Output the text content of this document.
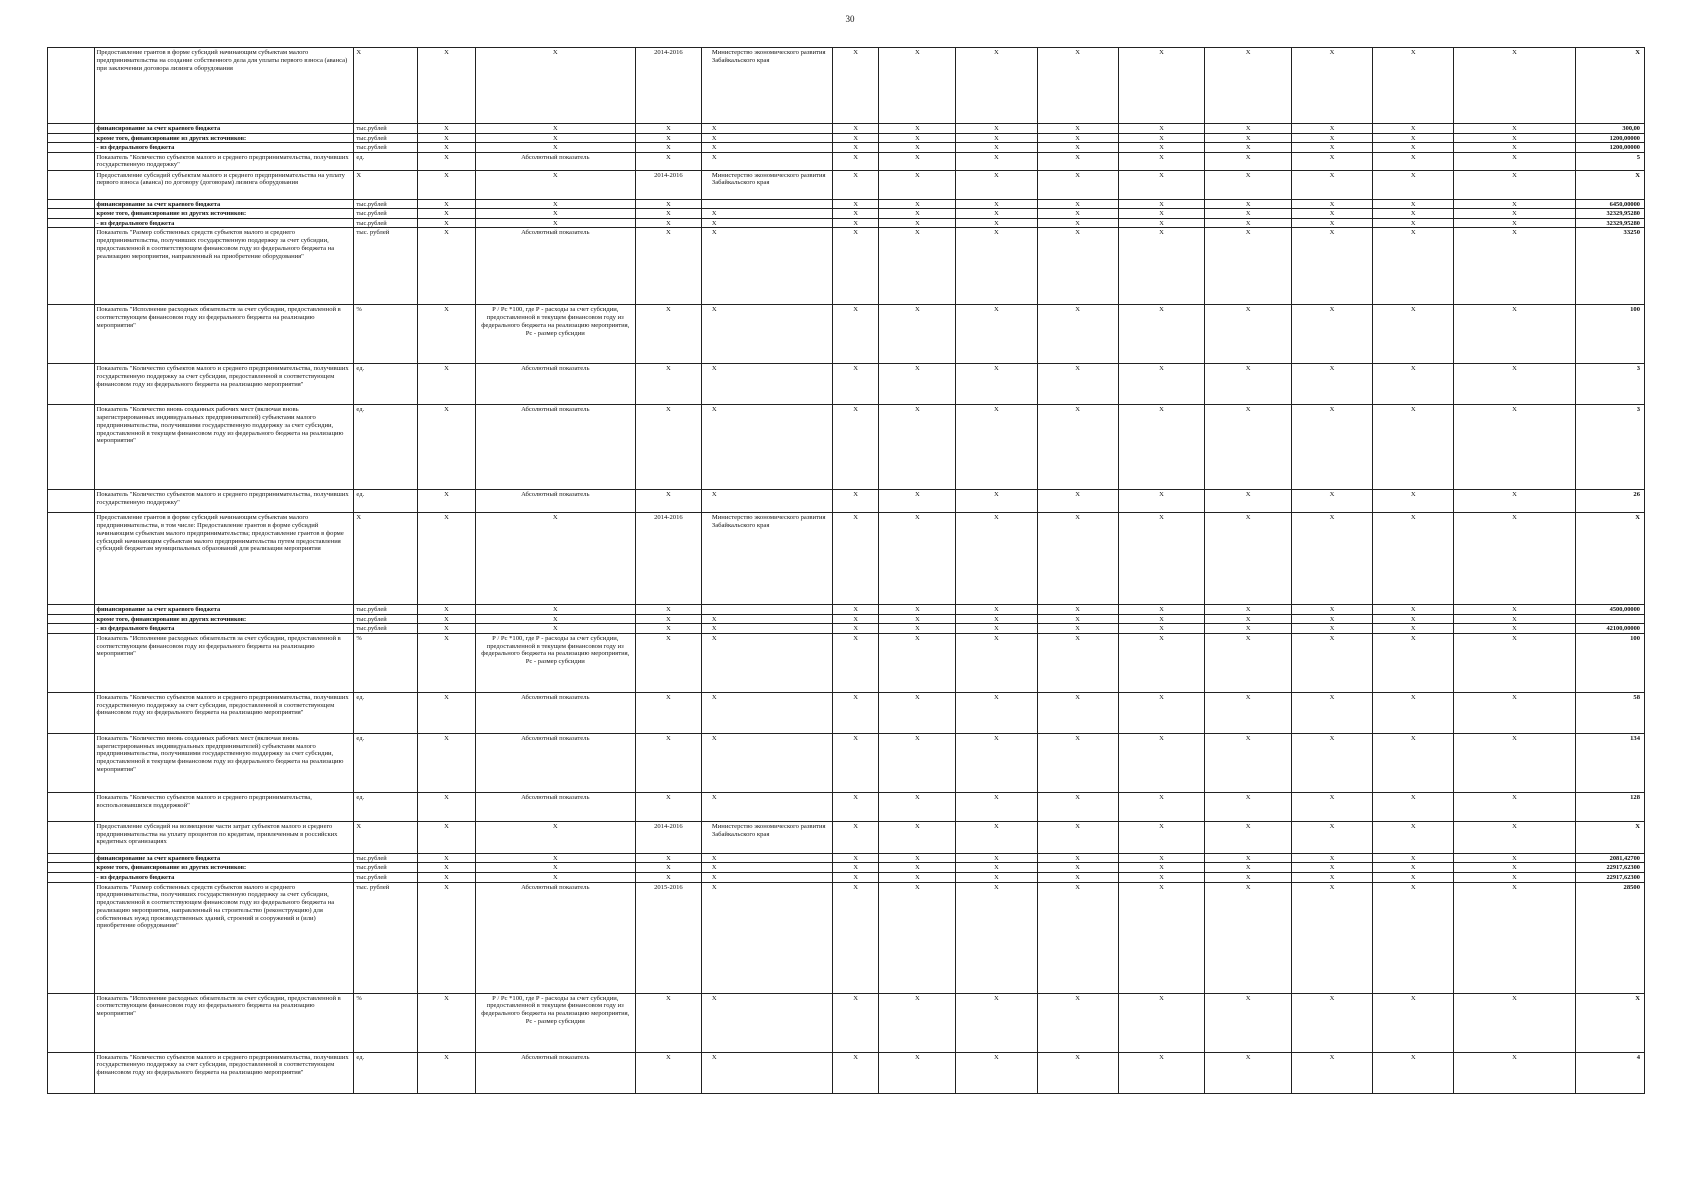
30
	Предоставление грантов в форме субсидий начинающим субъектам малого предпринимательства на создание собственного дела для уплаты первого взноса (аванса) при заключении договора лизинга оборудования	X	X	X	2014-2016	Министерство экономического развития Забайкальского края	X	X	X	X	X	X	X	X	X	X
	финансирование за счет краевого бюджета	тыс.рублей	X	X	X	X	X	X	X	X	X	X	X	X	X	300,00
	кроме того, финансирование из других источников:	тыс.рублей	X	X	X	X	X	X	X	X	X	X	X	X	X	1200,00000
	- из федерального бюджета	тыс.рублей	X	X	X	X	X	X	X	X	X	X	X	X	X	1200,00000
	Показатель "Количество субъектов малого и среднего предпринимательства, получивших государственную поддержку"	ед.	X	Абсолютный показатель	X	X	X	X	X	X	X	X	X	X	X	5
	Предоставление субсидий субъектам малого и среднего предпринимательства на уплату первого взноса (аванса) по договору (договорам) лизинга оборудования	X	X	X	2014-2016	Министерство экономического развития Забайкальского края	X	X	X	X	X	X	X	X	X	X
	финансирование за счет краевого бюджета	тыс.рублей	X	X	X		X	X	X	X	X	X	X	X	X	6450,00000
	кроме того, финансирование из других источников:	тыс.рублей	X	X	X	X	X	X	X	X	X	X	X	X	X	32329,95280
	- из федерального бюджета	тыс.рублей	X	X	X	X	X	X	X	X	X	X	X	X	X	32329,95280
	Показатель "Размер собственных средств субъектов малого и среднего предпринимательства, получивших государственную поддержку за счет субсидии, предоставленной в соответствующем финансовом году из федерального бюджета на реализацию мероприятия, направленный на приобретение оборудования"	тыс. рублей	X	Абсолютный показатель	X	X	X	X	X	X	X	X	X	X	X	33250
	Показатель "Исполнение расходных обязательств за счет субсидии, предоставленной в соответствующем финансовом году из федерального бюджета на реализацию мероприятия"	%	X	Р / Рс *100, где Р - расходы за счет субсидии, предоставленной в текущем финансовом году из федерального бюджета на реализацию мероприятия, Рс - размер субсидии	X	X	X	X	X	X	X	X	X	X	X	100
	Показатель "Количество субъектов малого и среднего предпринимательства, получивших государственную поддержку за счет субсидии, предоставленной в соответствующем финансовом году из федерального бюджета на реализацию мероприятия"	ед.	X	Абсолютный показатель	X	X	X	X	X	X	X	X	X	X	X	3
	Показатель "Количество вновь созданных рабочих мест (включая вновь зарегистрированных индивидуальных предпринимателей) субъектами малого предпринимательства, получившими государственную поддержку за счет субсидии, предоставленной в текущем финансовом году из федерального бюджета на реализацию мероприятия"	ед.	X	Абсолютный показатель	X	X	X	X	X	X	X	X	X	X	X	3
	Показатель "Количество субъектов малого и среднего предпринимательства, получивших государственную поддержку"	ед.	X	Абсолютный показатель	X	X	X	X	X	X	X	X	X	X	X	26
	Предоставление грантов в форме субсидий начинающим субъектам малого предпринимательства, в том числе: Предоставление грантов в форме субсидий начинающим субъектам малого предпринимательства; предоставление грантов в форме субсидий начинающим субъектам малого предпринимательства путем предоставления субсидий бюджетам муниципальных образований для реализации мероприятия	X	X	X	2014-2016	Министерство экономического развития Забайкальского края	X	X	X	X	X	X	X	X	X	X
	финансирование за счет краевого бюджета	тыс.рублей	X	X	X		X	X	X	X	X	X	X	X	X	4500,00000
	кроме того, финансирование из других источников:	тыс.рублей	X	X	X	X	X	X	X	X	X	X	X	X	X	
	- из федерального бюджета	тыс.рублей	X	X	X	X	X	X	X	X	X	X	X	X	X	42100,00000
	Показатель "Исполнение расходных обязательств за счет субсидии, предоставленной в соответствующем финансовом году из федерального бюджета на реализацию мероприятия"	%	X	Р / Рс *100, где Р - расходы за счет субсидии, предоставленной в текущем финансовом году из федерального бюджета на реализацию мероприятия, Рс - размер субсидии	X	X	X	X	X	X	X	X	X	X	X	100
	Показатель "Количество субъектов малого и среднего предпринимательства, получивших государственную поддержку за счет субсидии, предоставленной в соответствующем финансовом году из федерального бюджета на реализацию мероприятия"	ед.	X	Абсолютный показатель	X	X	X	X	X	X	X	X	X	X	X	58
	Показатель "Количество вновь созданных рабочих мест (включая вновь зарегистрированных индивидуальных предпринимателей) субъектами малого предпринимательства, получившими государственную поддержку за счет субсидии, предоставленной в текущем финансовом году из федерального бюджета на реализацию мероприятия"	ед.	X	Абсолютный показатель	X	X	X	X	X	X	X	X	X	X	X	134
	Показатель "Количество субъектов малого и среднего предпринимательства, воспользовавшихся поддержкой"	ед.	X	Абсолютный показатель	X	X	X	X	X	X	X	X	X	X	X	128
	Предоставление субсидий на возмещение части затрат субъектов малого и среднего предпринимательства на уплату процентов по кредитам, привлеченным в российских кредитных организациях	X	X	X	2014-2016	Министерство экономического развития Забайкальского края	X	X	X	X	X	X	X	X	X	X
	финансирование за счет краевого бюджета	тыс.рублей	X	X	X	X	X	X	X	X	X	X	X	X	X	2081,42700
	кроме того, финансирование из других источников:	тыс.рублей	X	X	X	X	X	X	X	X	X	X	X	X	X	22917,62300
	- из федерального бюджета	тыс.рублей	X	X	X	X	X	X	X	X	X	X	X	X	X	22917,62300
	Показатель "Размер собственных средств субъектов малого и среднего предпринимательства, получивших государственную поддержку за счет субсидии, предоставленной в соответствующем финансовом году из федерального бюджета на реализацию мероприятия, направленный на строительство (реконструкцию) для собственных нужд производственных зданий, строений и сооружений и (или) приобретение оборудования"	тыс. рублей	X	Абсолютный показатель	2015-2016	X	X	X	X	X	X	X	X	X	X	28500
	Показатель "Исполнение расходных обязательств за счет субсидии, предоставленной в соответствующем финансовом году из федерального бюджета на реализацию мероприятия"	%	X	Р / Рс *100, где Р - расходы за счет субсидии, предоставленной в текущем финансовом году из федерального бюджета на реализацию мероприятия, Рс - размер субсидии	X	X	X	X	X	X	X	X	X	X	X	X
	Показатель "Количество субъектов малого и среднего предпринимательства, получивших государственную поддержку за счет субсидии, предоставленной в соответствующем финансовом году из федерального бюджета на реализацию мероприятия"	ед.	X	Абсолютный показатель	X	X	X	X	X	X	X	X	X	X	X	4
